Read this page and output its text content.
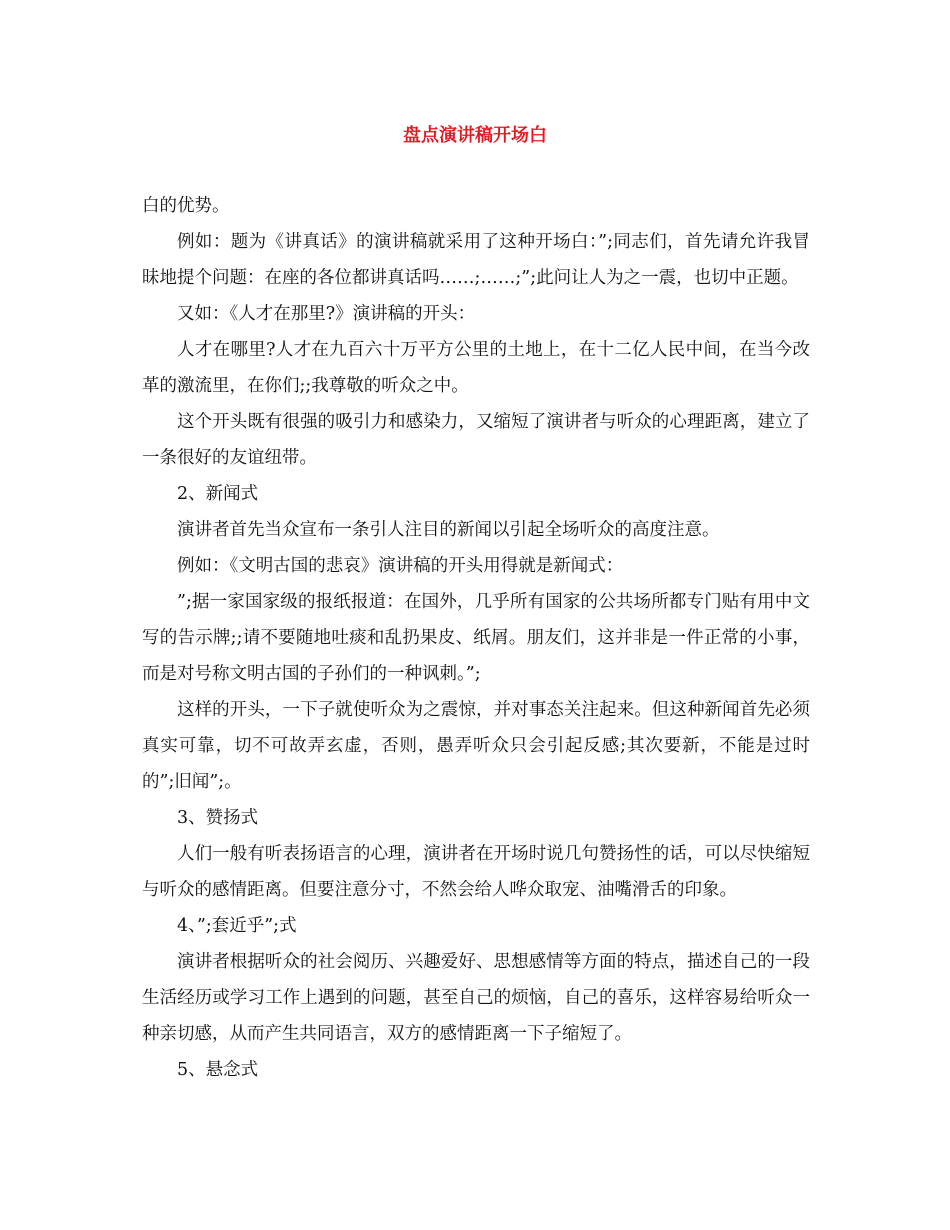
盘点演讲稿开场白

白的优势。

例如：题为《讲真话》的演讲稿就采用了这种开场白：”;同志们，首先请允许我冒昧地提个问题：在座的各位都讲真话吗……;……;”;此问让人为之一震，也切中正题。

又如：《人才在那里?》演讲稿的开头：

人才在哪里?人才在九百六十万平方公里的土地上，在十二亿人民中间，在当今改革的激流里，在你们;;我尊敬的听众之中。

这个开头既有很强的吸引力和感染力，又缩短了演讲者与听众的心理距离，建立了一条很好的友谊纽带。

2、新闻式

演讲者首先当众宣布一条引人注目的新闻以引起全场听众的高度注意。

例如：《文明古国的悲哀》演讲稿的开头用得就是新闻式：

”;据一家国家级的报纸报道：在国外，几乎所有国家的公共场所都专门贴有用中文写的告示牌;;请不要随地吐痰和乱扔果皮、纸屑。朋友们，这并非是一件正常的小事，而是对号称文明古国的子孙们的一种讽刺。”;

这样的开头，一下子就使听众为之震惊，并对事态关注起来。但这种新闻首先必须真实可靠，切不可故弄玄虚，否则，愚弄听众只会引起反感;其次要新，不能是过时的”;旧闻”;。

3、赞扬式

人们一般有听表扬语言的心理，演讲者在开场时说几句赞扬性的话，可以尽快缩短与听众的感情距离。但要注意分寸，不然会给人哗众取宠、油嘴滑舌的印象。

4、”;套近乎”;式

演讲者根据听众的社会阅历、兴趣爱好、思想感情等方面的特点，描述自己的一段生活经历或学习工作上遇到的问题，甚至自己的烦恼，自己的喜乐，这样容易给听众一种亲切感，从而产生共同语言，双方的感情距离一下子缩短了。

5、悬念式
